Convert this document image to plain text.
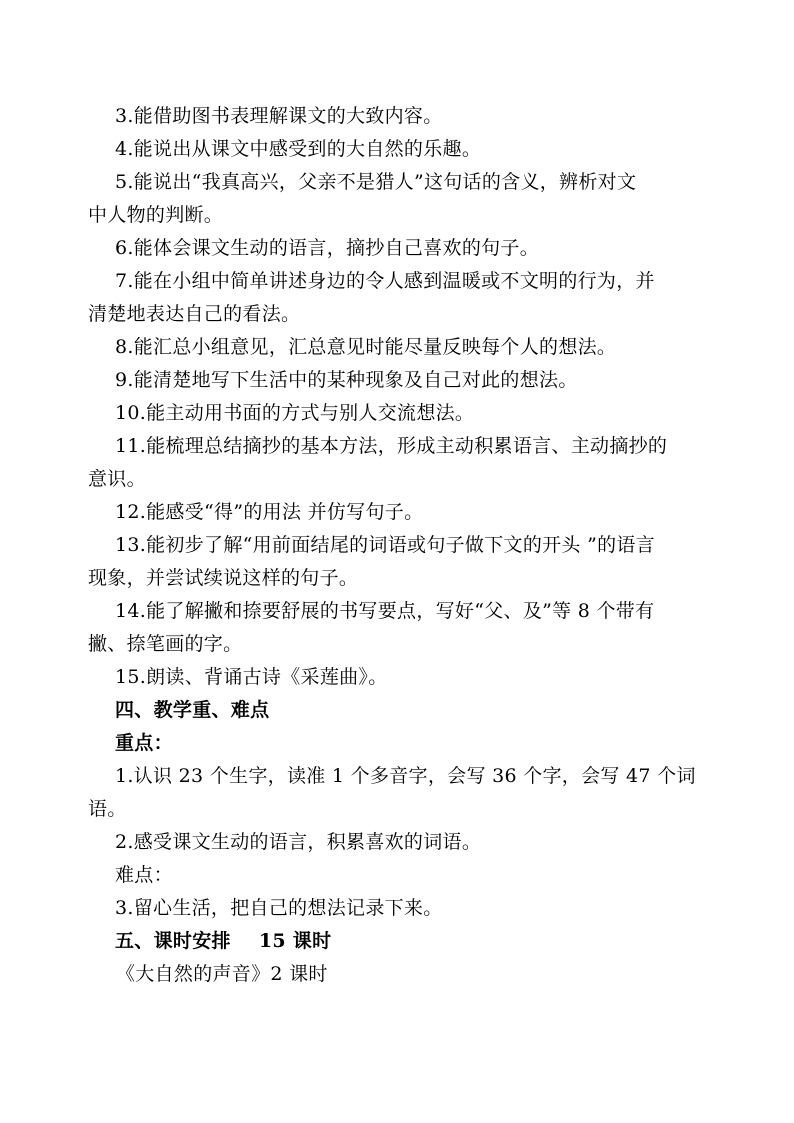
3.能借助图书表理解课文的大致内容。
4.能说出从课文中感受到的大自然的乐趣。
5.能说出“我真高兴，父亲不是猎人”这句话的含义，辨析对文
中人物的判断。
6.能体会课文生动的语言，摘抄自己喜欢的句子。
7.能在小组中简单讲述身边的令人感到温暖或不文明的行为，并
清楚地表达自己的看法。
8.能汇总小组意见，汇总意见时能尽量反映每个人的想法。
9.能清楚地写下生活中的某种现象及自己对此的想法。
10.能主动用书面的方式与别人交流想法。
11.能梳理总结摘抄的基本方法，形成主动积累语言、主动摘抄的
意识。
12.能感受“得”的用法 并仿写句子。
13.能初步了解“用前面结尾的词语或句子做下文的开头 ”的语言
现象，并尝试续说这样的句子。
14.能了解撇和捺要舒展的书写要点，写好“父、及”等 8 个带有
撇、捺笔画的字。
15.朗读、背诵古诗《采莲曲》。
四、教学重、难点
重点：
1.认识 23 个生字，读准 1 个多音字，会写 36 个字，会写 47 个词
语。
2.感受课文生动的语言，积累喜欢的词语。
难点：
3.留心生活，把自己的想法记录下来。
五、课时安排 15 课时
《大自然的声音》2 课时
